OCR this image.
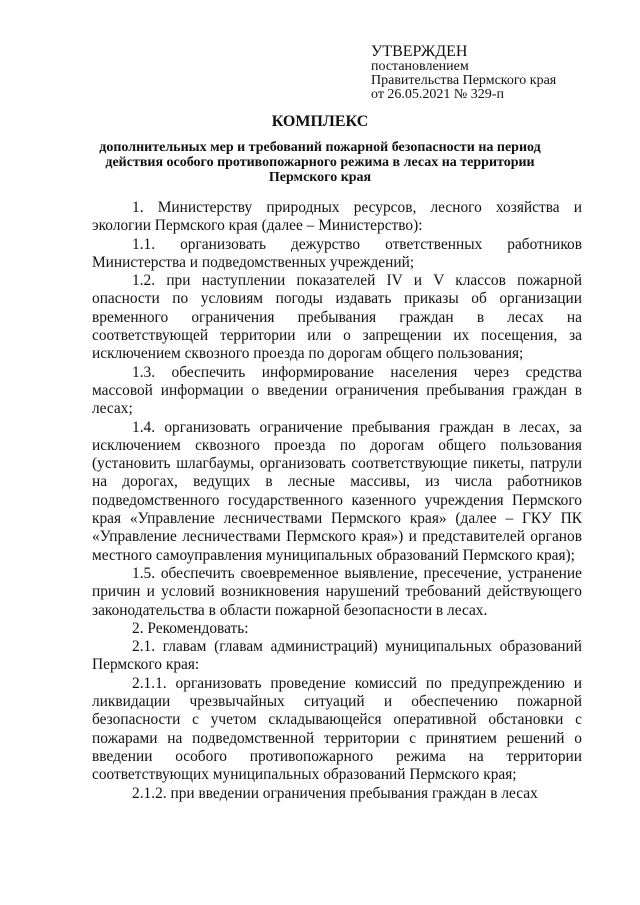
УТВЕРЖДЕН
постановлением
Правительства Пермского края
от 26.05.2021 № 329-п
КОМПЛЕКС
дополнительных мер и требований пожарной безопасности на период действия особого противопожарного режима в лесах на территории Пермского края

1. Министерству природных ресурсов, лесного хозяйства и экологии Пермского края (далее – Министерство):

1.1. организовать дежурство ответственных работников Министерства и подведомственных учреждений;

1.2. при наступлении показателей IV и V классов пожарной опасности по условиям погоды издавать приказы об организации временного ограничения пребывания граждан в лесах на соответствующей территории или о запрещении их посещения, за исключением сквозного проезда по дорогам общего пользования;

1.3. обеспечить информирование населения через средства массовой информации о введении ограничения пребывания граждан в лесах;

1.4. организовать ограничение пребывания граждан в лесах, за исключением сквозного проезда по дорогам общего пользования (установить шлагбаумы, организовать соответствующие пикеты, патрули на дорогах, ведущих в лесные массивы, из числа работников подведомственного государственного казенного учреждения Пермского края «Управление лесничествами Пермского края» (далее – ГКУ ПК «Управление лесничествами Пермского края») и представителей органов местного самоуправления муниципальных образований Пермского края);

1.5. обеспечить своевременное выявление, пресечение, устранение причин и условий возникновения нарушений требований действующего законодательства в области пожарной безопасности в лесах.

2. Рекомендовать:

2.1. главам (главам администраций) муниципальных образований Пермского края:

2.1.1. организовать проведение комиссий по предупреждению и ликвидации чрезвычайных ситуаций и обеспечению пожарной безопасности с учетом складывающейся оперативной обстановки с пожарами на подведомственной территории с принятием решений о введении особого противопожарного режима на территории соответствующих муниципальных образований Пермского края;

2.1.2. при введении ограничения пребывания граждан в лесах
